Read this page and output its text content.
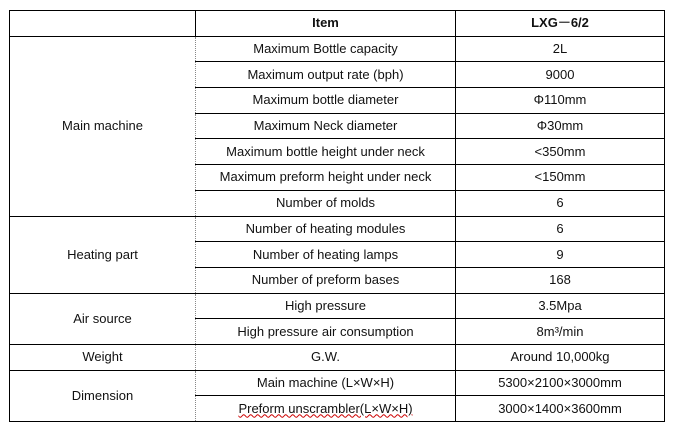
	Item	LXG－6/2
Main machine	Maximum Bottle capacity	2L
	Maximum output rate (bph)	9000
	Maximum bottle diameter	Φ110mm
	Maximum Neck diameter	Φ30mm
	Maximum bottle height under neck	<350mm
	Maximum preform height under neck	<150mm
	Number of molds	6
Heating part	Number of heating modules	6
	Number of heating lamps	9
	Number of preform bases	168
Air source	High pressure	3.5Mpa
	High pressure air consumption	8m³/min
Weight	G.W.	Around 10,000kg
Dimension	Main machine (L×W×H)	5300×2100×3000mm
	Preform unscrambler(L×W×H)	3000×1400×3600mm
